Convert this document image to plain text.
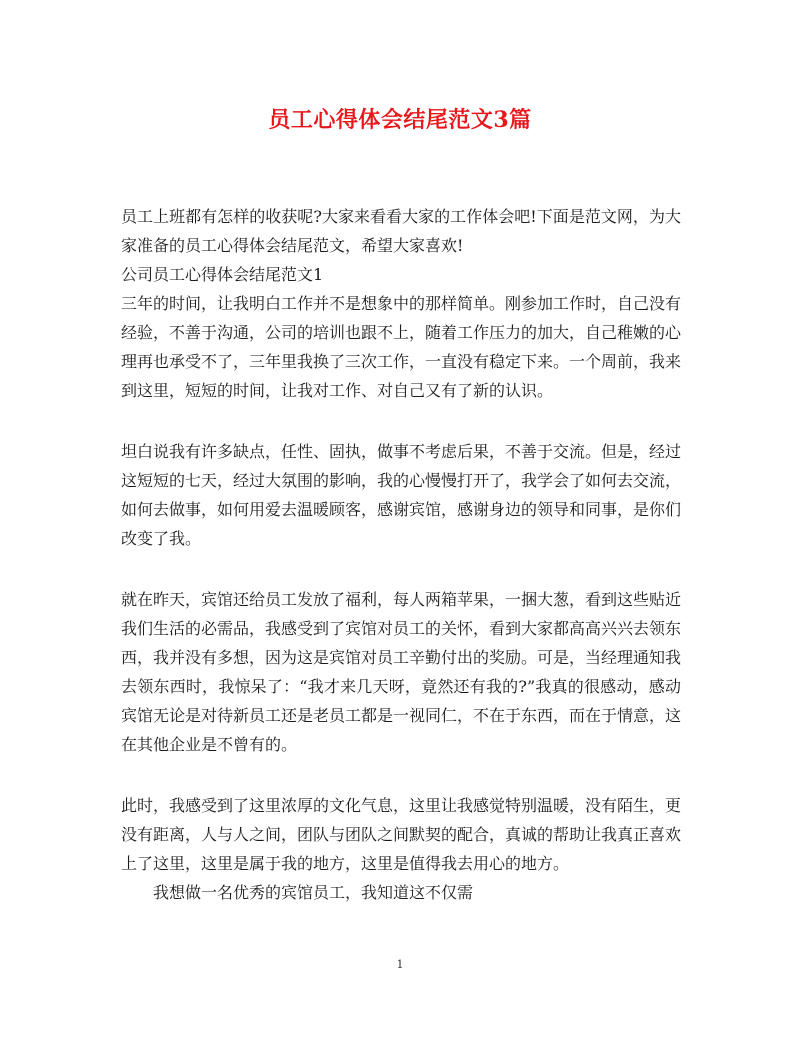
员工心得体会结尾范文3篇

员工上班都有怎样的收获呢?大家来看看大家的工作体会吧!下面是范文网，为大家准备的员工心得体会结尾范文，希望大家喜欢!

公司员工心得体会结尾范文1

三年的时间，让我明白工作并不是想象中的那样简单。刚参加工作时，自己没有经验，不善于沟通，公司的培训也跟不上，随着工作压力的加大，自己稚嫩的心理再也承受不了，三年里我换了三次工作，一直没有稳定下来。一个周前，我来到这里，短短的时间，让我对工作、对自己又有了新的认识。

坦白说我有许多缺点，任性、固执，做事不考虑后果，不善于交流。但是，经过这短短的七天，经过大氛围的影响，我的心慢慢打开了，我学会了如何去交流，如何去做事，如何用爱去温暖顾客，感谢宾馆，感谢身边的领导和同事，是你们改变了我。

就在昨天，宾馆还给员工发放了福利，每人两箱苹果，一捆大葱，看到这些贴近我们生活的必需品，我感受到了宾馆对员工的关怀，看到大家都高高兴兴去领东西，我并没有多想，因为这是宾馆对员工辛勤付出的奖励。可是，当经理通知我去领东西时，我惊呆了：“我才来几天呀，竟然还有我的?”我真的很感动，感动宾馆无论是对待新员工还是老员工都是一视同仁，不在于东西，而在于情意，这在其他企业是不曾有的。

此时，我感受到了这里浓厚的文化气息，这里让我感觉特别温暖，没有陌生，更没有距离，人与人之间，团队与团队之间默契的配合，真诚的帮助让我真正喜欢上了这里，这里是属于我的地方，这里是值得我去用心的地方。

我想做一名优秀的宾馆员工，我知道这不仅需

1
